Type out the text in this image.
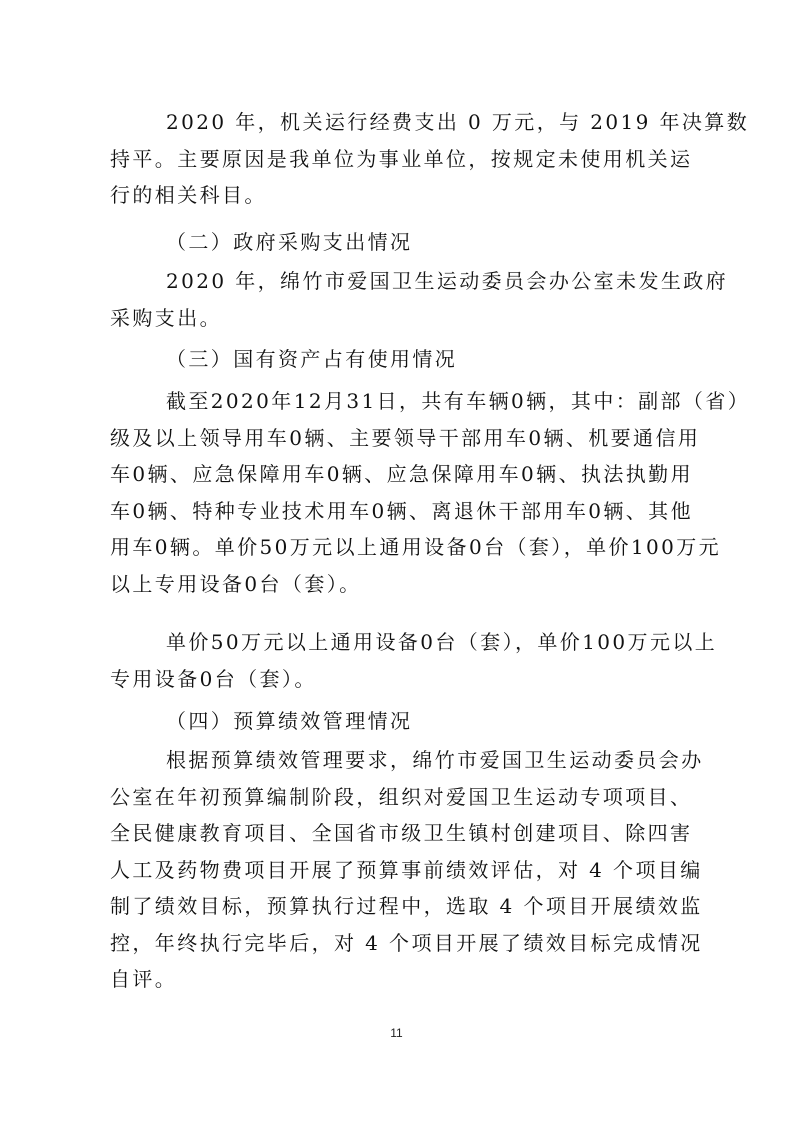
2020 年，机关运行经费支出 0 万元，与 2019 年决算数
持平。主要原因是我单位为事业单位，按规定未使用机关运
行的相关科目。
（二）政府采购支出情况
2020 年，绵竹市爱国卫生运动委员会办公室未发生政府
采购支出。
（三）国有资产占有使用情况
截至2020年12月31日，共有车辆0辆，其中：副部（省）
级及以上领导用车0辆、主要领导干部用车0辆、机要通信用
车0辆、应急保障用车0辆、应急保障用车0辆、执法执勤用
车0辆、特种专业技术用车0辆、离退休干部用车0辆、其他
用车0辆。单价50万元以上通用设备0台（套），单价100万元
以上专用设备0台（套）。
单价50万元以上通用设备0台（套），单价100万元以上
专用设备0台（套）。
（四）预算绩效管理情况
根据预算绩效管理要求，绵竹市爱国卫生运动委员会办
公室在年初预算编制阶段，组织对爱国卫生运动专项项目、
全民健康教育项目、全国省市级卫生镇村创建项目、除四害
人工及药物费项目开展了预算事前绩效评估，对 4 个项目编
制了绩效目标，预算执行过程中，选取 4 个项目开展绩效监
控，年终执行完毕后，对 4 个项目开展了绩效目标完成情况
自评。
11
